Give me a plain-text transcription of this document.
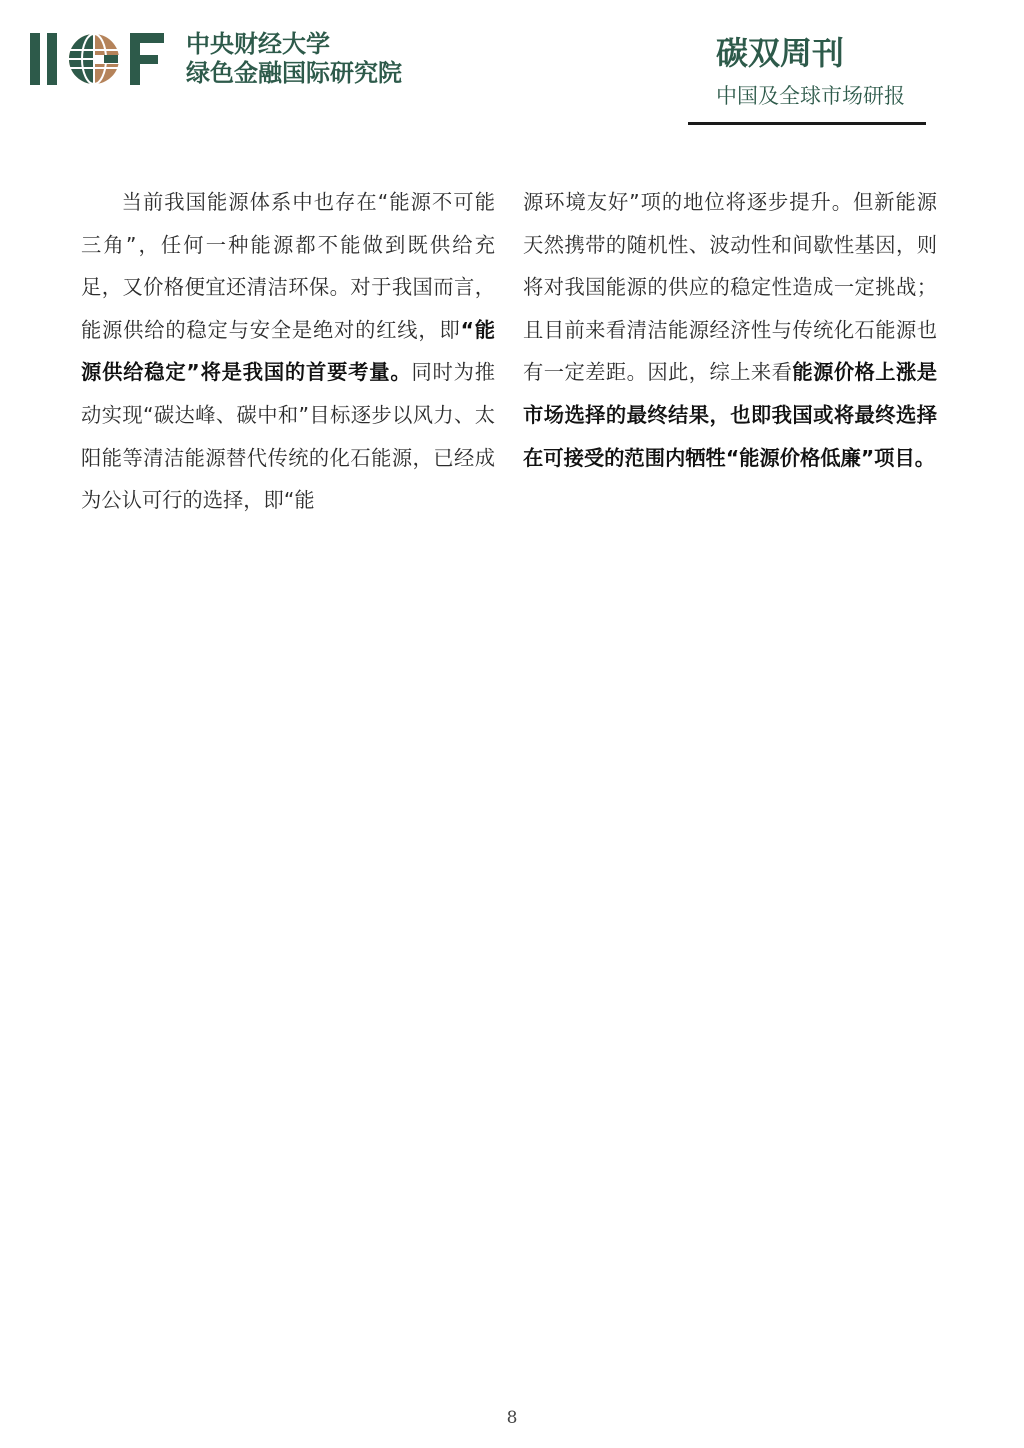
中央财经大学
绿色金融国际研究院
碳双周刊
中国及全球市场研报

当前我国能源体系中也存在“能源不可能三角”，任何一种能源都不能做到既供给充足，又价格便宜还清洁环保。对于我国而言，能源供给的稳定与安全是绝对的红线，即“能源供给稳定”将是我国的首要考量。同时为推动实现“碳达峰、碳中和”目标逐步以风力、太阳能等清洁能源替代传统的化石能源，已经成为公认可行的选择，即“能

源环境友好”项的地位将逐步提升。但新能源天然携带的随机性、波动性和间歇性基因，则将对我国能源的供应的稳定性造成一定挑战；且目前来看清洁能源经济性与传统化石能源也有一定差距。因此，综上来看能源价格上涨是市场选择的最终结果，也即我国或将最终选择在可接受的范围内牺牲“能源价格低廉”项目。

8
